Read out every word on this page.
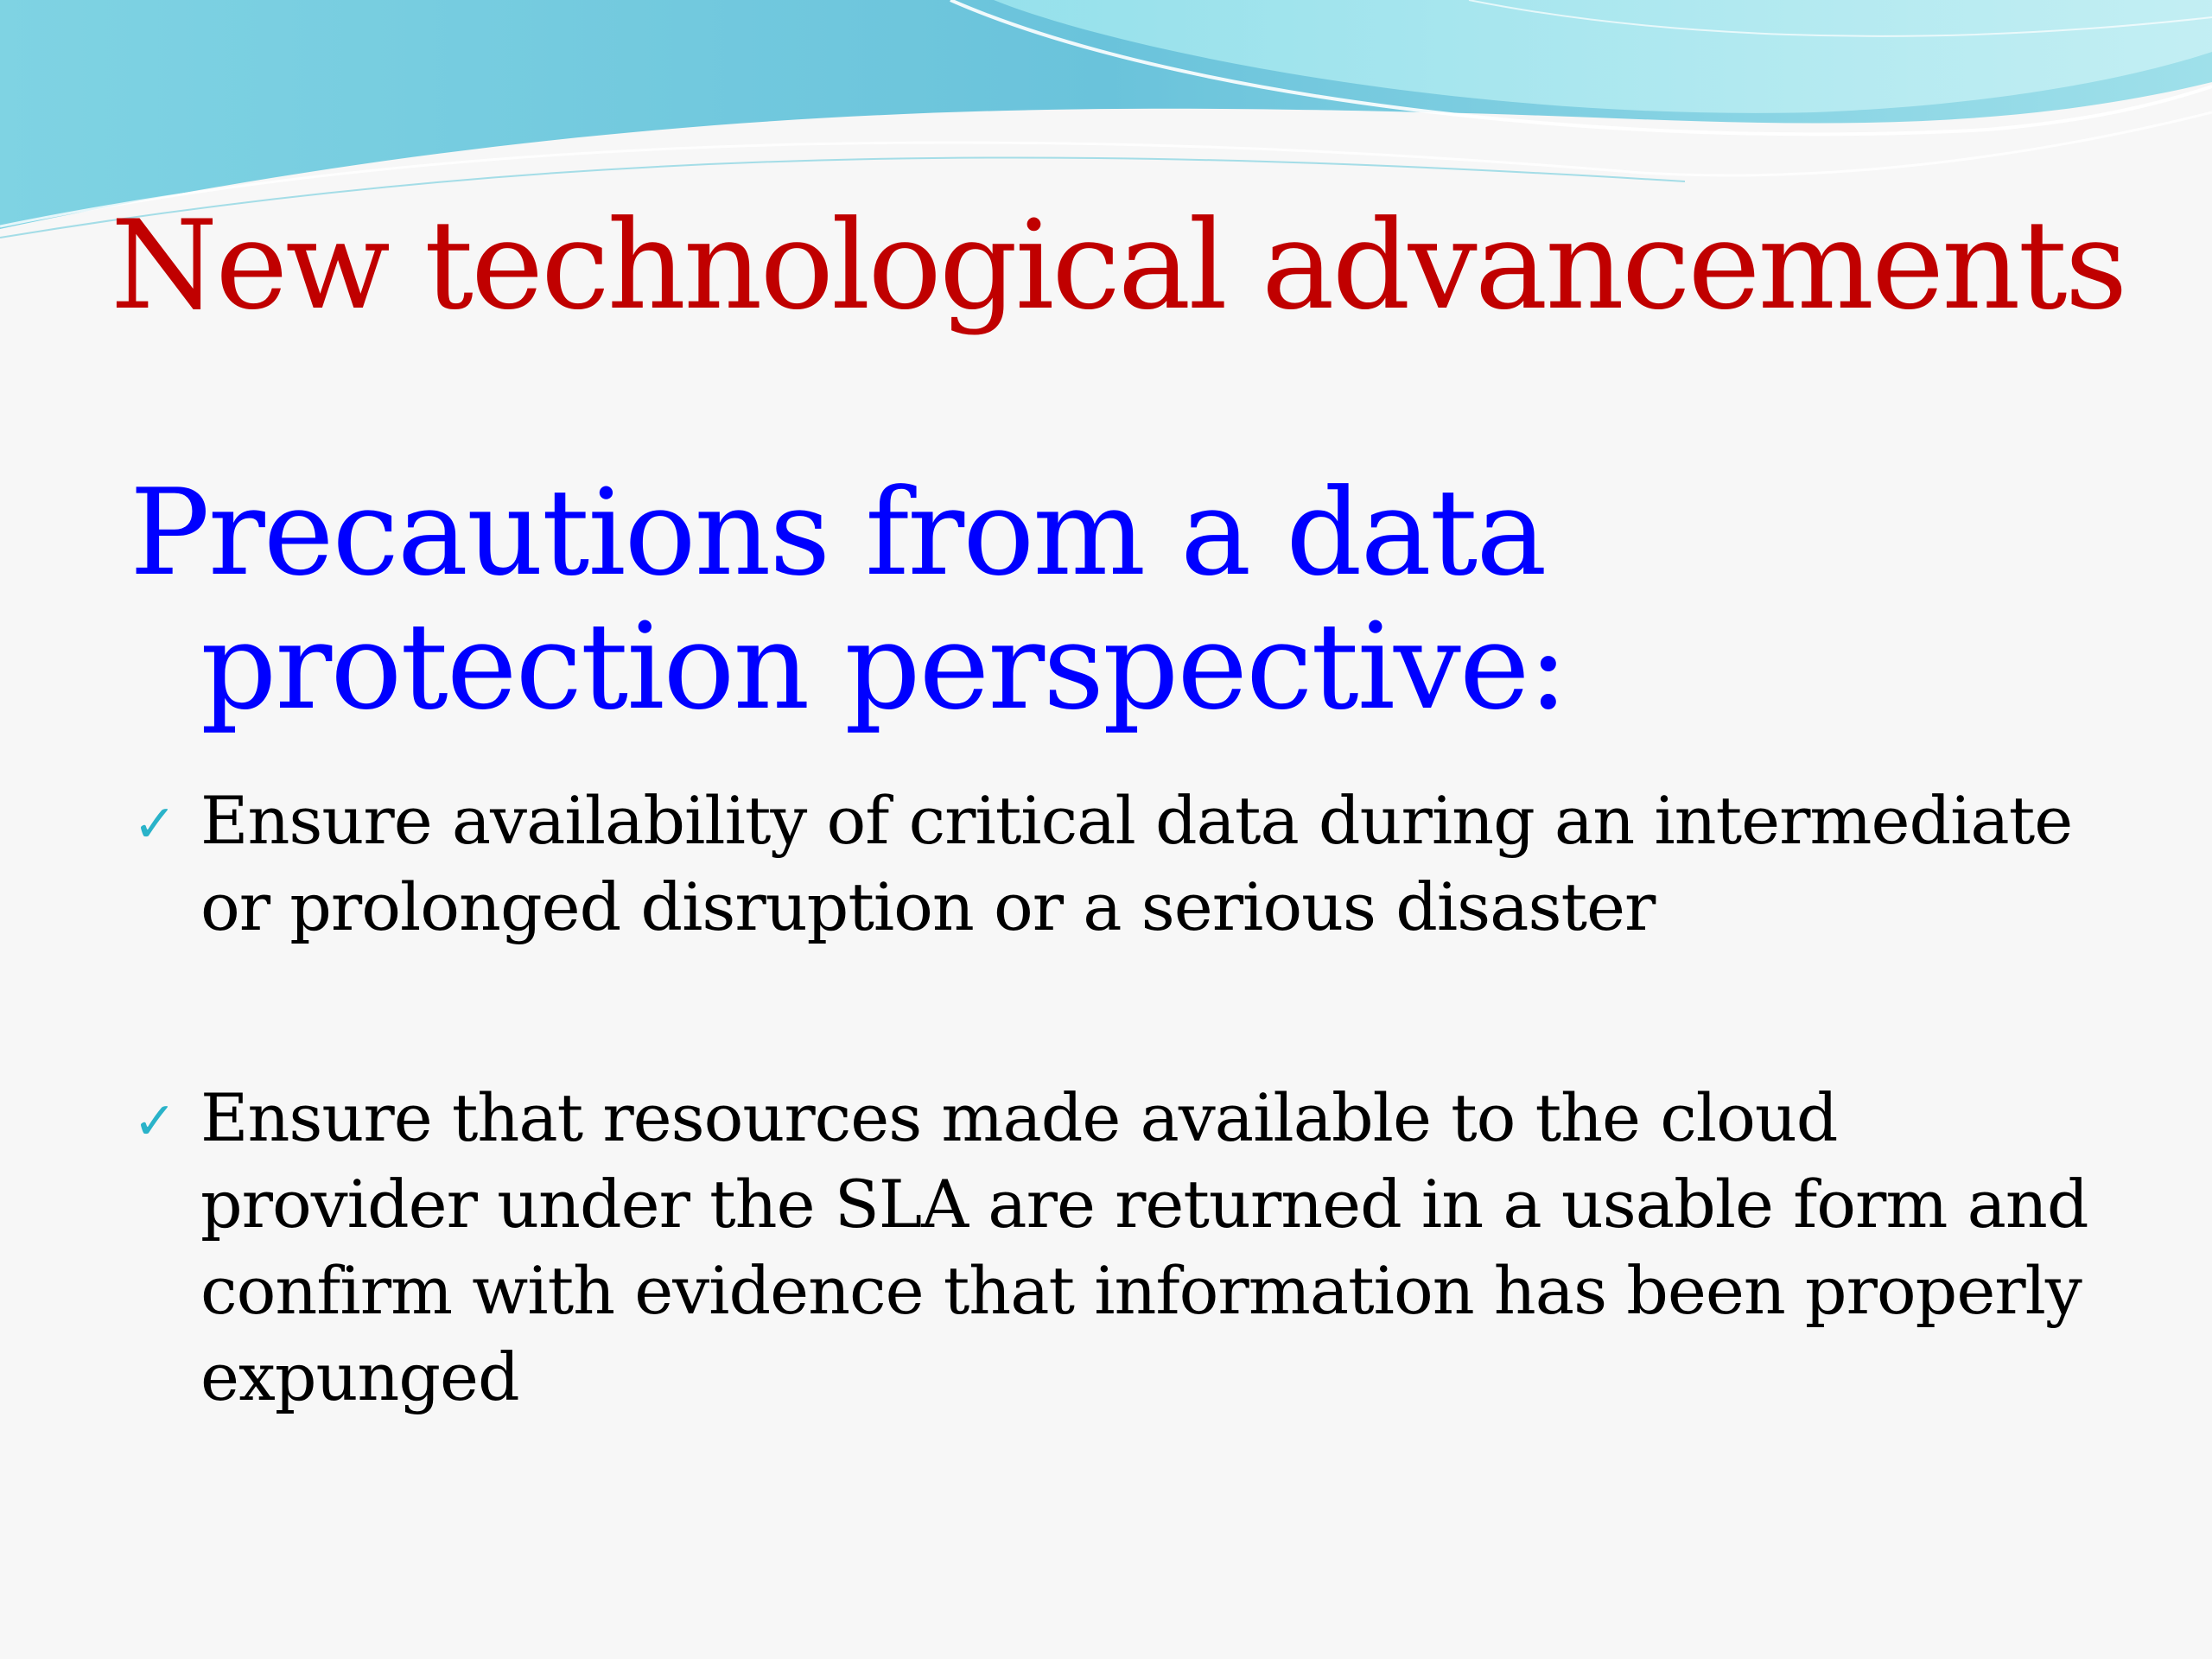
New technological advancements
Precautions from a data protection perspective:
✓ Ensure availability of critical data during an intermediate or prolonged disruption or a serious disaster
✓ Ensure that resources made available to the cloud provider under the SLA are returned in a usable form and confirm with evidence that information has been properly expunged
